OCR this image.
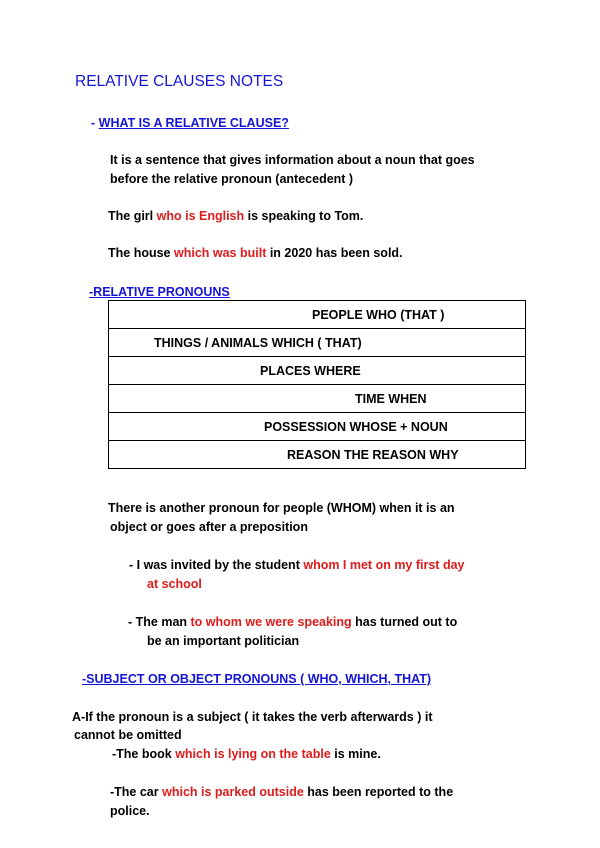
RELATIVE CLAUSES NOTES
- WHAT IS A RELATIVE CLAUSE?
It is a sentence that gives information about a noun that goes
before the relative pronoun (antecedent )
The girl who is English is speaking to Tom.
The house which was built in 2020 has been sold.
-RELATIVE PRONOUNS
PEOPLE WHO (THAT )
THINGS / ANIMALS WHICH ( THAT)
PLACES WHERE
TIME WHEN
POSSESSION WHOSE + NOUN
REASON THE REASON WHY
There is another pronoun for people (WHOM) when it is an
object or goes after a preposition
- I was invited by the student whom I met on my first day
at school
- The man to whom we were speaking has turned out to
be an important politician
-SUBJECT OR OBJECT PRONOUNS ( WHO, WHICH, THAT)
A-If the pronoun is a subject ( it takes the verb afterwards ) it
cannot be omitted
-The book which is lying on the table is mine.
-The car which is parked outside has been reported to the
police.
